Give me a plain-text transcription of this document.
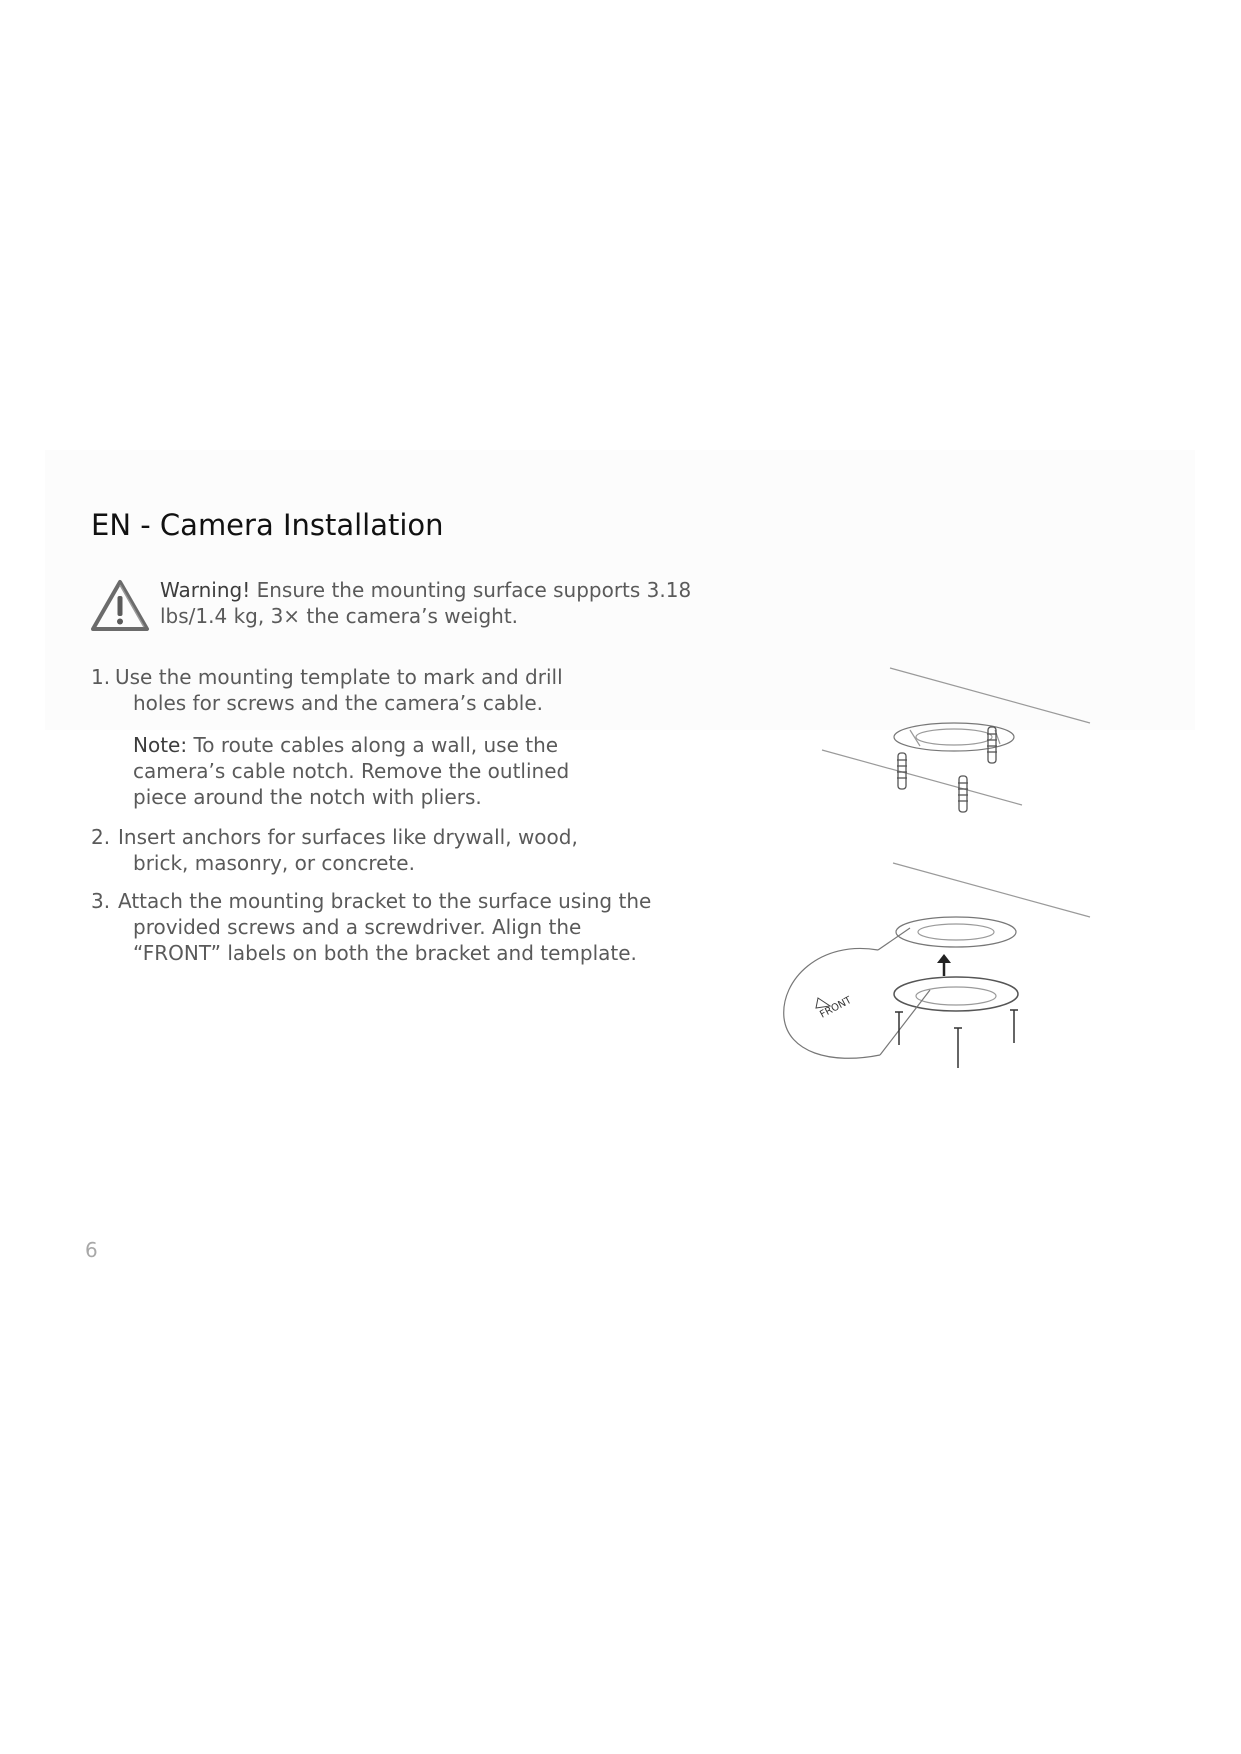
EN - Camera Installation
Warning! Ensure the mounting surface supports 3.18 lbs/1.4 kg, 3× the camera’s weight.
1. Use the mounting template to mark and drill holes for screws and the camera’s cable.
Note: To route cables along a wall, use the camera’s cable notch. Remove the outlined piece around the notch with pliers.
2. Insert anchors for surfaces like drywall, wood, brick, masonry, or concrete.
3. Attach the mounting bracket to the surface using the provided screws and a screwdriver. Align the “FRONT” labels on both the bracket and template.
FRONT
6
